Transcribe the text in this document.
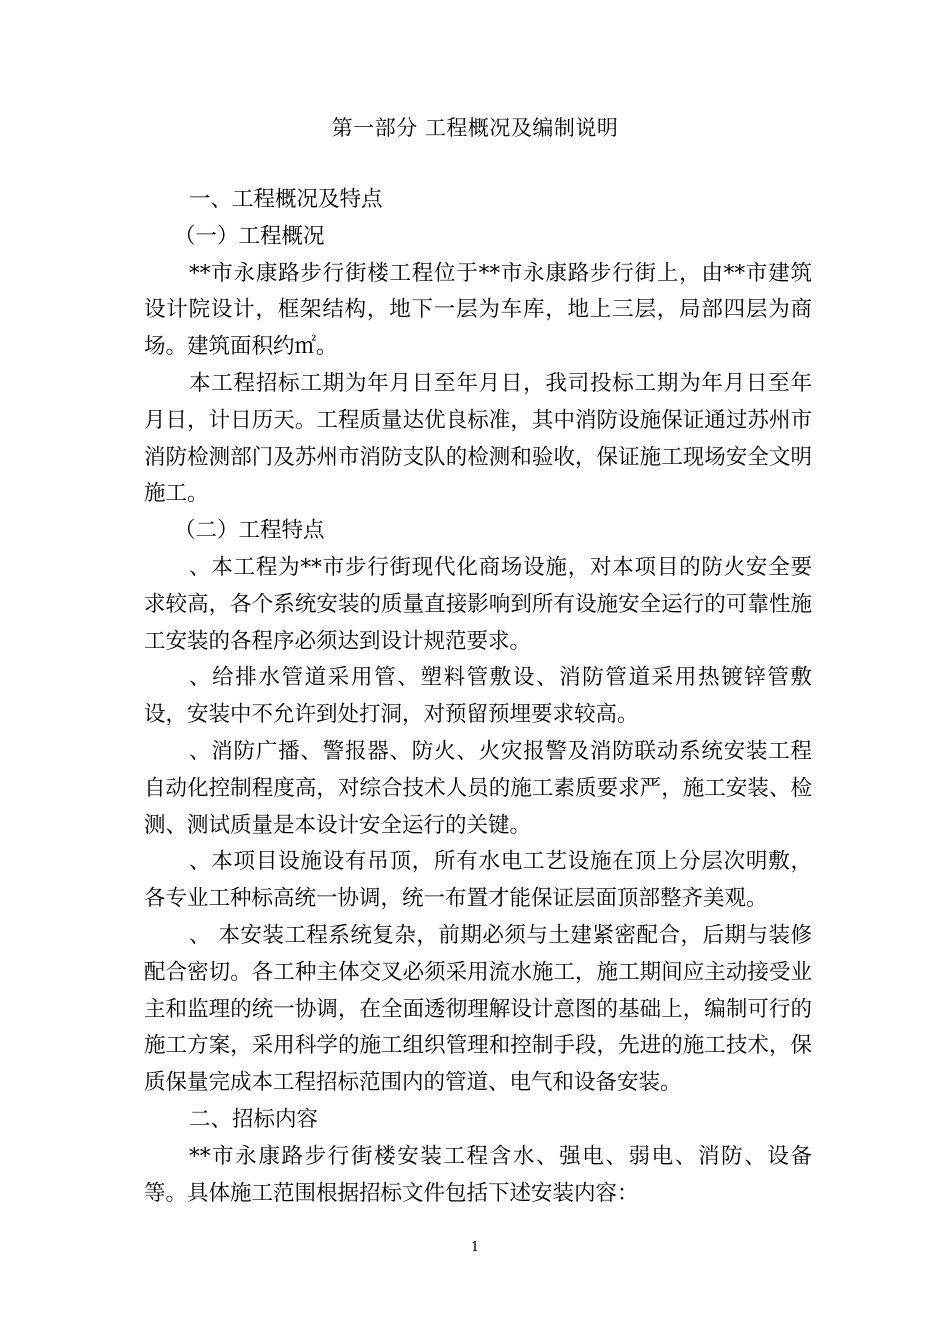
第一部分 工程概况及编制说明

一、工程概况及特点

（一）工程概况

**市永康路步行街楼工程位于**市永康路步行街上，由**市建筑设计院设计，框架结构，地下一层为车库，地上三层，局部四层为商场。建筑面积约㎡。

本工程招标工期为年月日至年月日，我司投标工期为年月日至年月日，计日历天。工程质量达优良标准，其中消防设施保证通过苏州市消防检测部门及苏州市消防支队的检测和验收，保证施工现场安全文明施工。

（二）工程特点

、本工程为**市步行街现代化商场设施，对本项目的防火安全要求较高，各个系统安装的质量直接影响到所有设施安全运行的可靠性施工安装的各程序必须达到设计规范要求。

、给排水管道采用管、塑料管敷设、消防管道采用热镀锌管敷设，安装中不允许到处打洞，对预留预埋要求较高。

、消防广播、警报器、防火、火灾报警及消防联动系统安装工程自动化控制程度高，对综合技术人员的施工素质要求严，施工安装、检测、测试质量是本设计安全运行的关键。

、本项目设施设有吊顶，所有水电工艺设施在顶上分层次明敷，各专业工种标高统一协调，统一布置才能保证层面顶部整齐美观。

、 本安装工程系统复杂，前期必须与土建紧密配合，后期与装修配合密切。各工种主体交叉必须采用流水施工，施工期间应主动接受业主和监理的统一协调，在全面透彻理解设计意图的基础上，编制可行的施工方案，采用科学的施工组织管理和控制手段，先进的施工技术，保质保量完成本工程招标范围内的管道、电气和设备安装。

二、招标内容

**市永康路步行街楼安装工程含水、强电、弱电、消防、设备等。具体施工范围根据招标文件包括下述安装内容：

1
